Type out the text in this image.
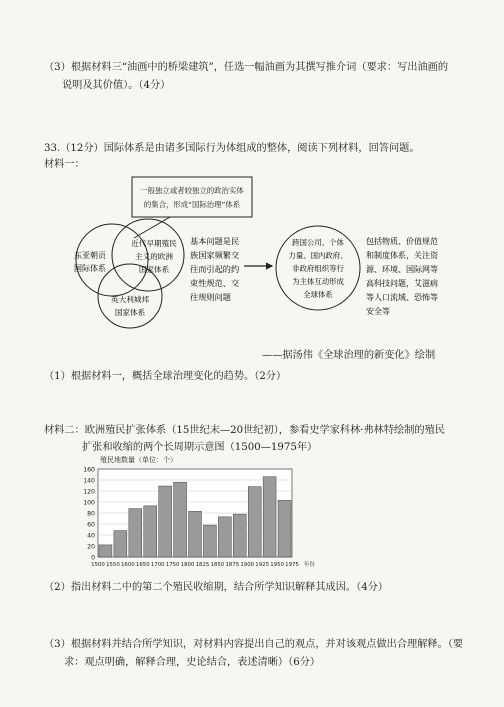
（3）根据材料三“油画中的桥梁建筑”，任选一幅油画为其撰写推介词（要求：写出油画的
说明及其价值）。（4分）
33.（12分）国际体系是由诸多国际行为体组成的整体，阅读下列材料，回答问题。
材料一：
一般独立或者较独立的政治实体
的集合，形成“国际治理”体系
东亚朝贡
国际体系
近代早期殖民
主义的欧洲
国家体系
英大利城邦
国家体系
基本问题是民
族国家频繁交
往而引起的约
束性规范、交
往规则问题
跨国公司、个体
力量、国内政府、
非政府组织等行
为主体互动形成
全球体系
包括物质、价值规范
和制度体系，关注资
源、环境、国际网等
高科技问题，艾滋病
等人口流域、恐怖等
安全等
——据汤伟《全球治理的新变化》绘制
（1）根据材料一，概括全球治理变化的趋势。（2分）
材料二：欧洲殖民扩张体系（15世纪末—20世纪初），参看史学家科林·弗林特绘制的殖民
扩张和收缩的两个长周期示意图（1500—1975年）
0
20
40
60
80
100
120
140
160
1500 1550 1600 1650 1700 1750 1800 1825 1850 1875 1900 1925 1950 1975 年份
殖民地数量（单位：个）
（2）指出材料二中的第二个殖民收缩期，结合所学知识解释其成因。（4分）
（3）根据材料并结合所学知识，对材料内容提出自己的观点，并对该观点做出合理解释。（要
求：观点明确，解释合理，史论结合，表述清晰）（6分）
